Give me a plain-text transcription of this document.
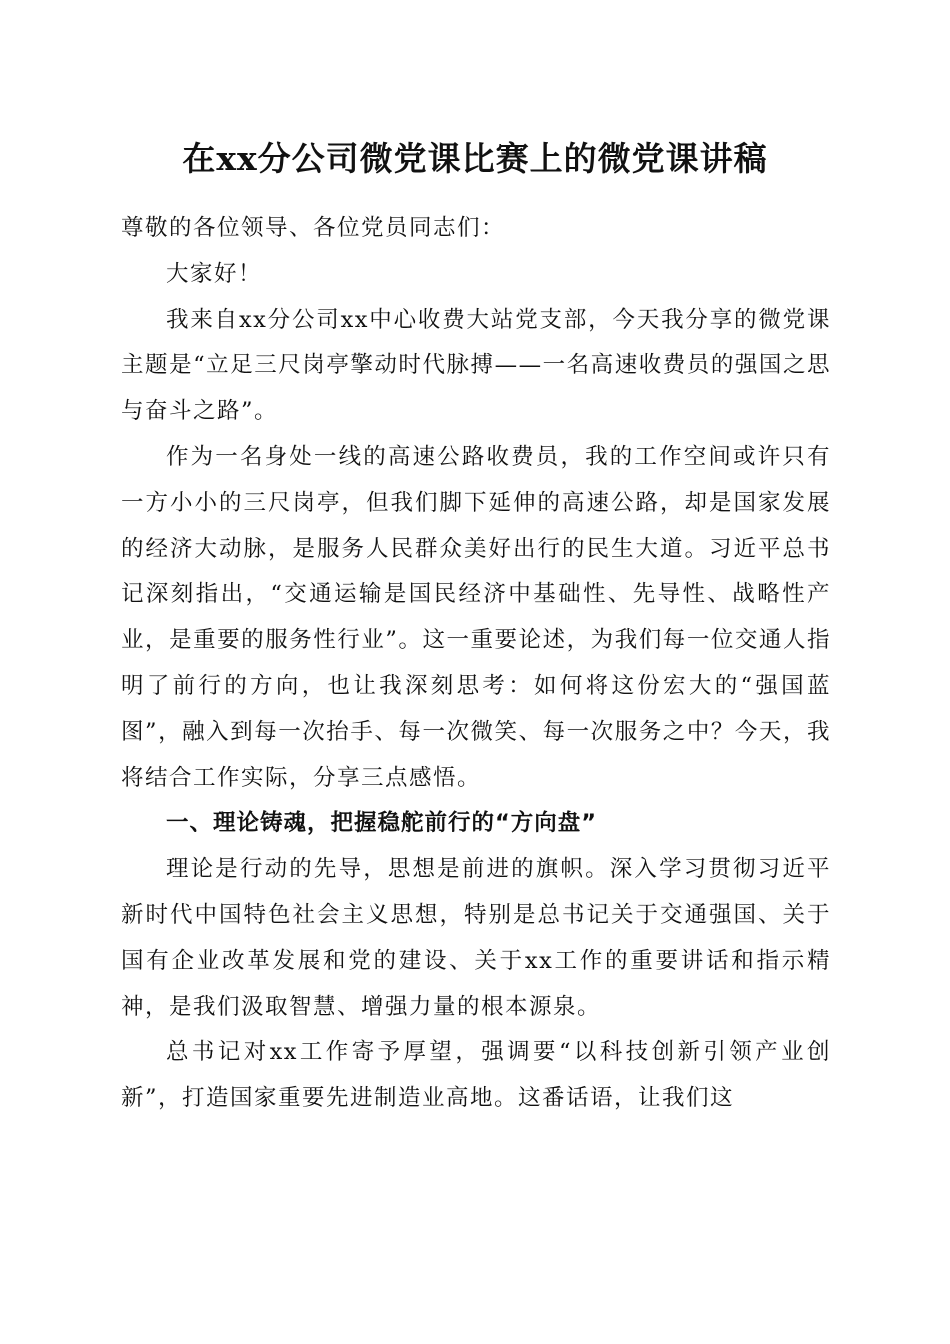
在xx分公司微党课比赛上的微党课讲稿

尊敬的各位领导、各位党员同志们：

大家好！

我来自xx分公司xx中心收费大站党支部，今天我分享的微党课主题是“立足三尺岗亭擎动时代脉搏——一名高速收费员的强国之思与奋斗之路”。

作为一名身处一线的高速公路收费员，我的工作空间或许只有一方小小的三尺岗亭，但我们脚下延伸的高速公路，却是国家发展的经济大动脉，是服务人民群众美好出行的民生大道。习近平总书记深刻指出，“交通运输是国民经济中基础性、先导性、战略性产业，是重要的服务性行业”。这一重要论述，为我们每一位交通人指明了前行的方向，也让我深刻思考：如何将这份宏大的“强国蓝图”，融入到每一次抬手、每一次微笑、每一次服务之中？今天，我将结合工作实际，分享三点感悟。

一、理论铸魂，把握稳舵前行的“方向盘”

理论是行动的先导，思想是前进的旗帜。深入学习贯彻习近平新时代中国特色社会主义思想，特别是总书记关于交通强国、关于国有企业改革发展和党的建设、关于xx工作的重要讲话和指示精神，是我们汲取智慧、增强力量的根本源泉。

总书记对xx工作寄予厚望，强调要“以科技创新引领产业创新”，打造国家重要先进制造业高地。这番话语，让我们这
